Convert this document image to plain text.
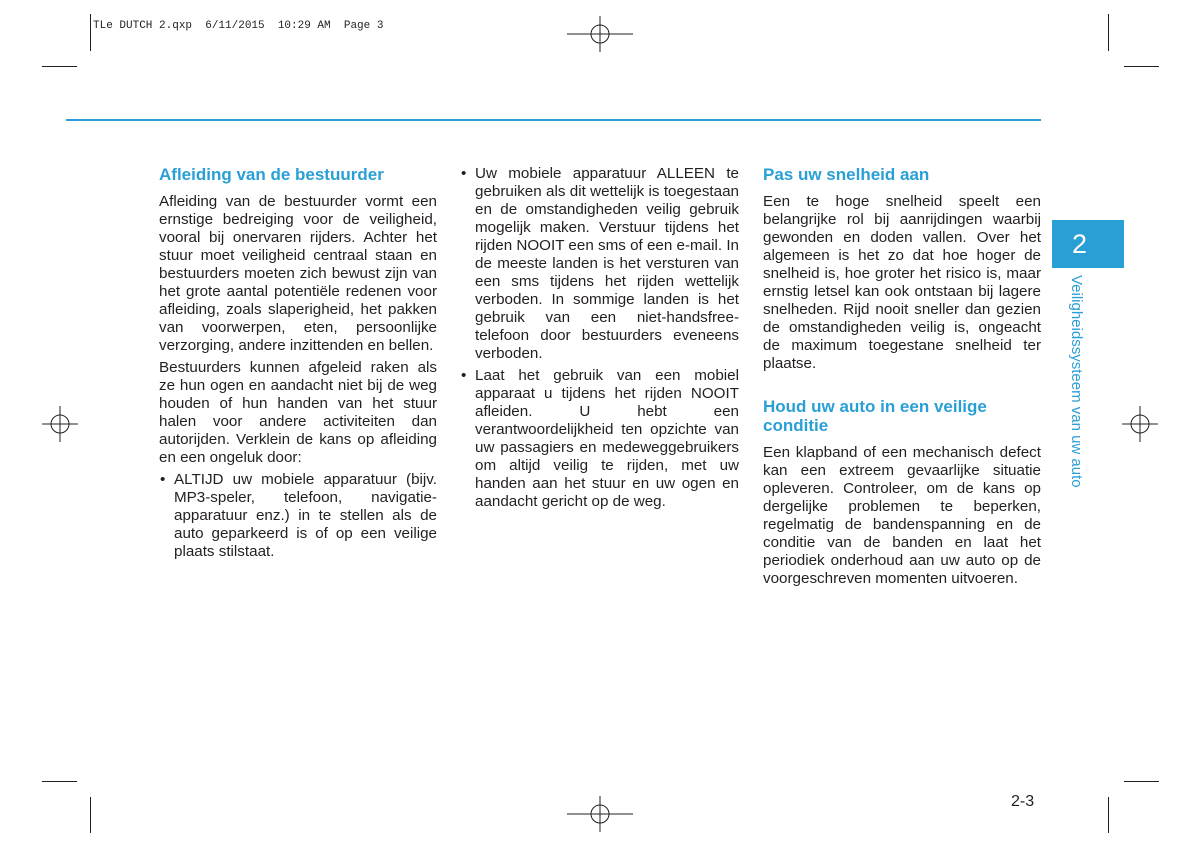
TLe DUTCH 2.qxp  6/11/2015  10:29 AM  Page 3
Afleiding van de bestuurder

Afleiding van de bestuurder vormt een ernstige bedreiging voor de veiligheid, vooral bij onervaren rijders. Achter het stuur moet veiligheid centraal staan en bestuurders moeten zich bewust zijn van het grote aantal potentiële redenen voor afleiding, zoals slaperigheid, het pakken van voorwerpen, eten, persoonlijke verzorging, andere inzittenden en bellen.

Bestuurders kunnen afgeleid raken als ze hun ogen en aandacht niet bij de weg houden of hun handen van het stuur halen voor andere activiteiten dan autorijden. Verklein de kans op afleiding en een ongeluk door:

• ALTIJD uw mobiele apparatuur (bijv. MP3-speler, telefoon, navigatie-apparatuur enz.) in te stellen als de auto geparkeerd is of op een veilige plaats stilstaat.
• Uw mobiele apparatuur ALLEEN te gebruiken als dit wettelijk is toegestaan en de omstandigheden veilig gebruik mogelijk maken. Verstuur tijdens het rijden NOOIT een sms of een e-mail. In de meeste landen is het versturen van een sms tijdens het rijden wettelijk verboden. In sommige landen is het gebruik van een niet-handsfree-telefoon door bestuurders eveneens verboden.
• Laat het gebruik van een mobiel apparaat u tijdens het rijden NOOIT afleiden. U hebt een verantwoordelijkheid ten opzichte van uw passagiers en medeweggebruikers om altijd veilig te rijden, met uw handen aan het stuur en uw ogen en aandacht gericht op de weg.
Pas uw snelheid aan

Een te hoge snelheid speelt een belangrijke rol bij aanrijdingen waarbij gewonden en doden vallen. Over het algemeen is het zo dat hoe hoger de snelheid is, hoe groter het risico is, maar ernstig letsel kan ook ontstaan bij lagere snelheden. Rijd nooit sneller dan gezien de omstandigheden veilig is, ongeacht de maximum toegestane snelheid ter plaatse.

Houd uw auto in een veilige conditie

Een klapband of een mechanisch defect kan een extreem gevaarlijke situatie opleveren. Controleer, om de kans op dergelijke problemen te beperken, regelmatig de bandenspanning en de conditie van de banden en laat het periodiek onderhoud aan uw auto op de voorgeschreven momenten uitvoeren.

2
Veiligheidssysteem van uw auto
2-3
